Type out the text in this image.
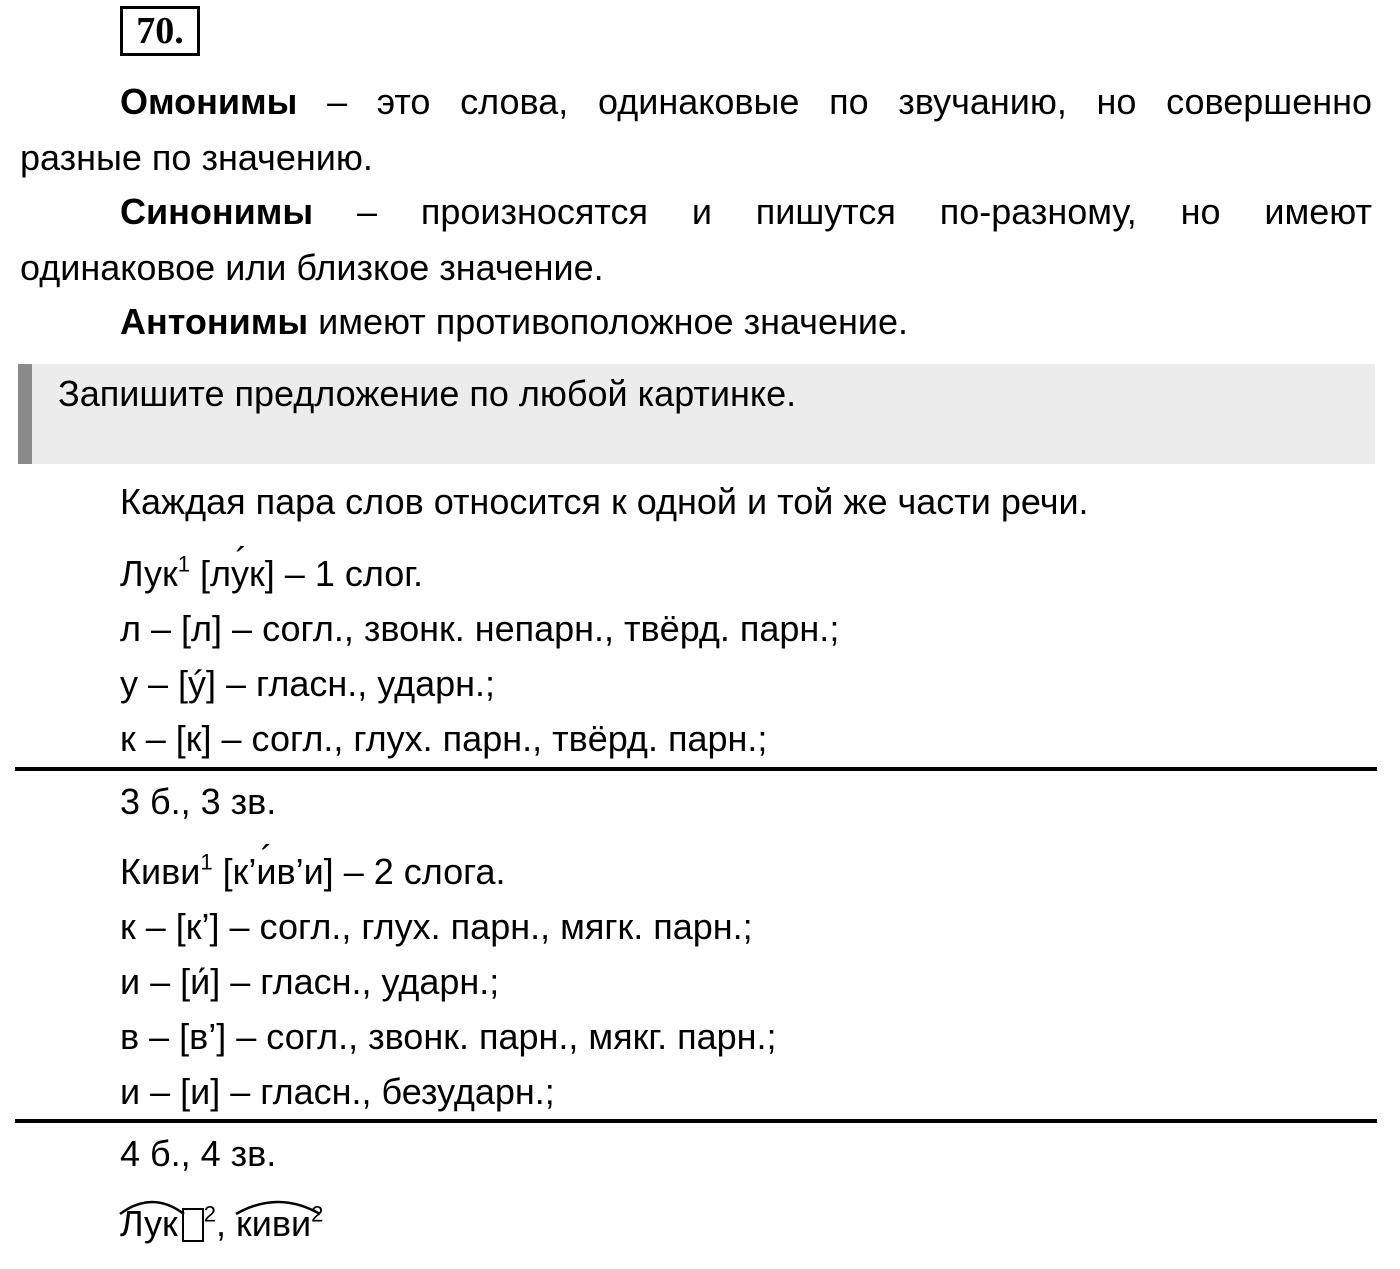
70.
Омонимы – это слова, одинаковые по звучанию, но совершенно
разные по значению.
Синонимы – произносятся и пишутся по-разному, но имеют
одинаковое или близкое значение.
Антонимы имеют противоположное значение.
Запишите предложение по любой картинке.
Каждая пара слов относится к одной и той же части речи.
Лук$^1$ [лу ´к] – 1 слог.
л – [л] – согл., звонк. непарн., твёрд. парн.;
у – [ý] – гласн., ударн.;
к – [к] – согл., глух. парн., твёрд. парн.;
3 б., 3 зв.
Киви$^1$ [к’и ´в’и] – 2 слога.
к – [к’] – согл., глух. парн., мягк. парн.;
и – [и́] – гласн., ударн.;
в – [в’] – согл., звонк. парн., мякг. парн.;
и – [и] – гласн., безударн.;
4 б., 4 зв.
Лук $^2$,
киви$^2$
